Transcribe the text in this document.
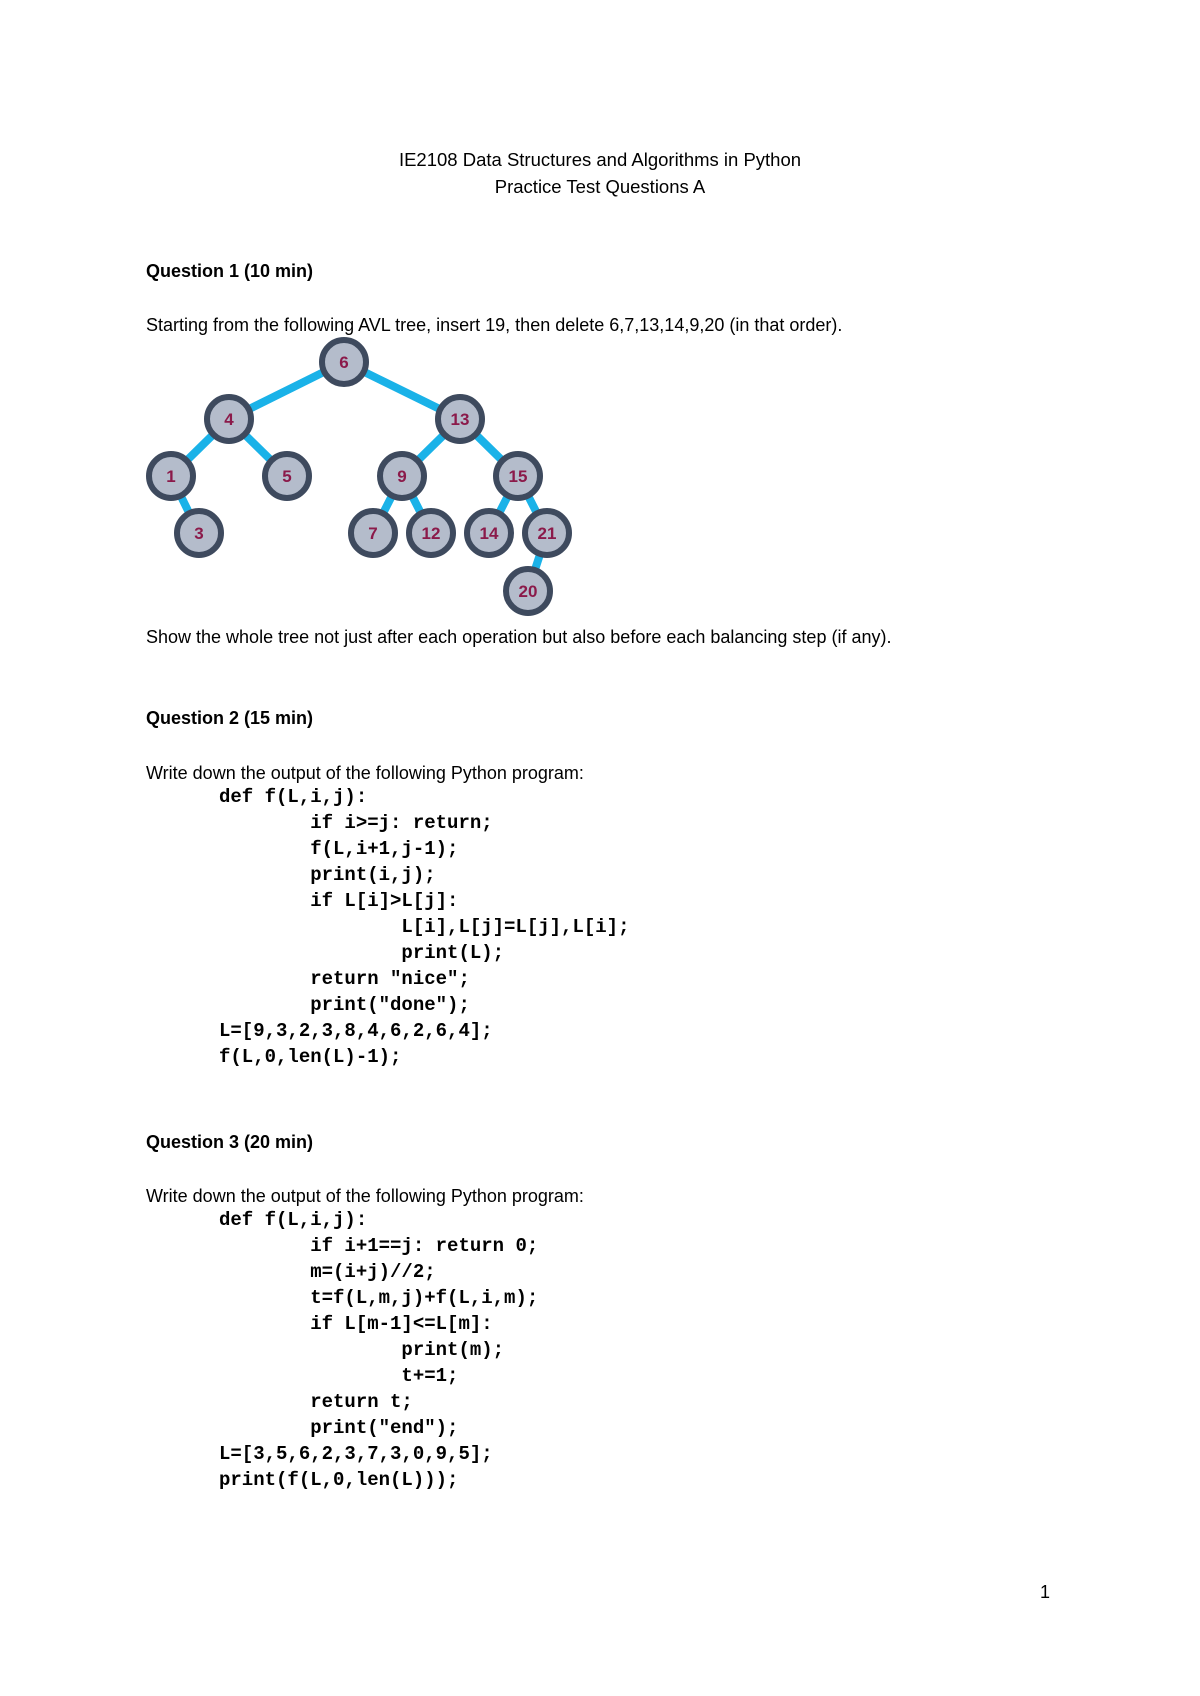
IE2108 Data Structures and Algorithms in Python
Practice Test Questions A
Question 1 (10 min)
Starting from the following AVL tree, insert 19, then delete 6,7,13,14,9,20 (in that order).
6
4	13
1	5	9	15
3	7	12 14 21
20
Show the whole tree not just after each operation but also before each balancing step (if any).
Question 2 (15 min)
Write down the output of the following Python program:
def f(L,i,j):
if i>=j: return;
f(L,i+1,j-1);
print(i,j);
if L[i]>L[j]:
L[i],L[j]=L[j],L[i];
print(L);
return "nice";
print("done");
L=[9,3,2,3,8,4,6,2,6,4];
f(L,0,len(L)-1);
Question 3 (20 min)
Write down the output of the following Python program:
def f(L,i,j):
if i+1==j: return 0;
m=(i+j)//2;
t=f(L,m,j)+f(L,i,m);
if L[m-1]<=L[m]:
print(m);
t+=1;
return t;
print("end");
L=[3,5,6,2,3,7,3,0,9,5];
print(f(L,0,len(L)));
1
